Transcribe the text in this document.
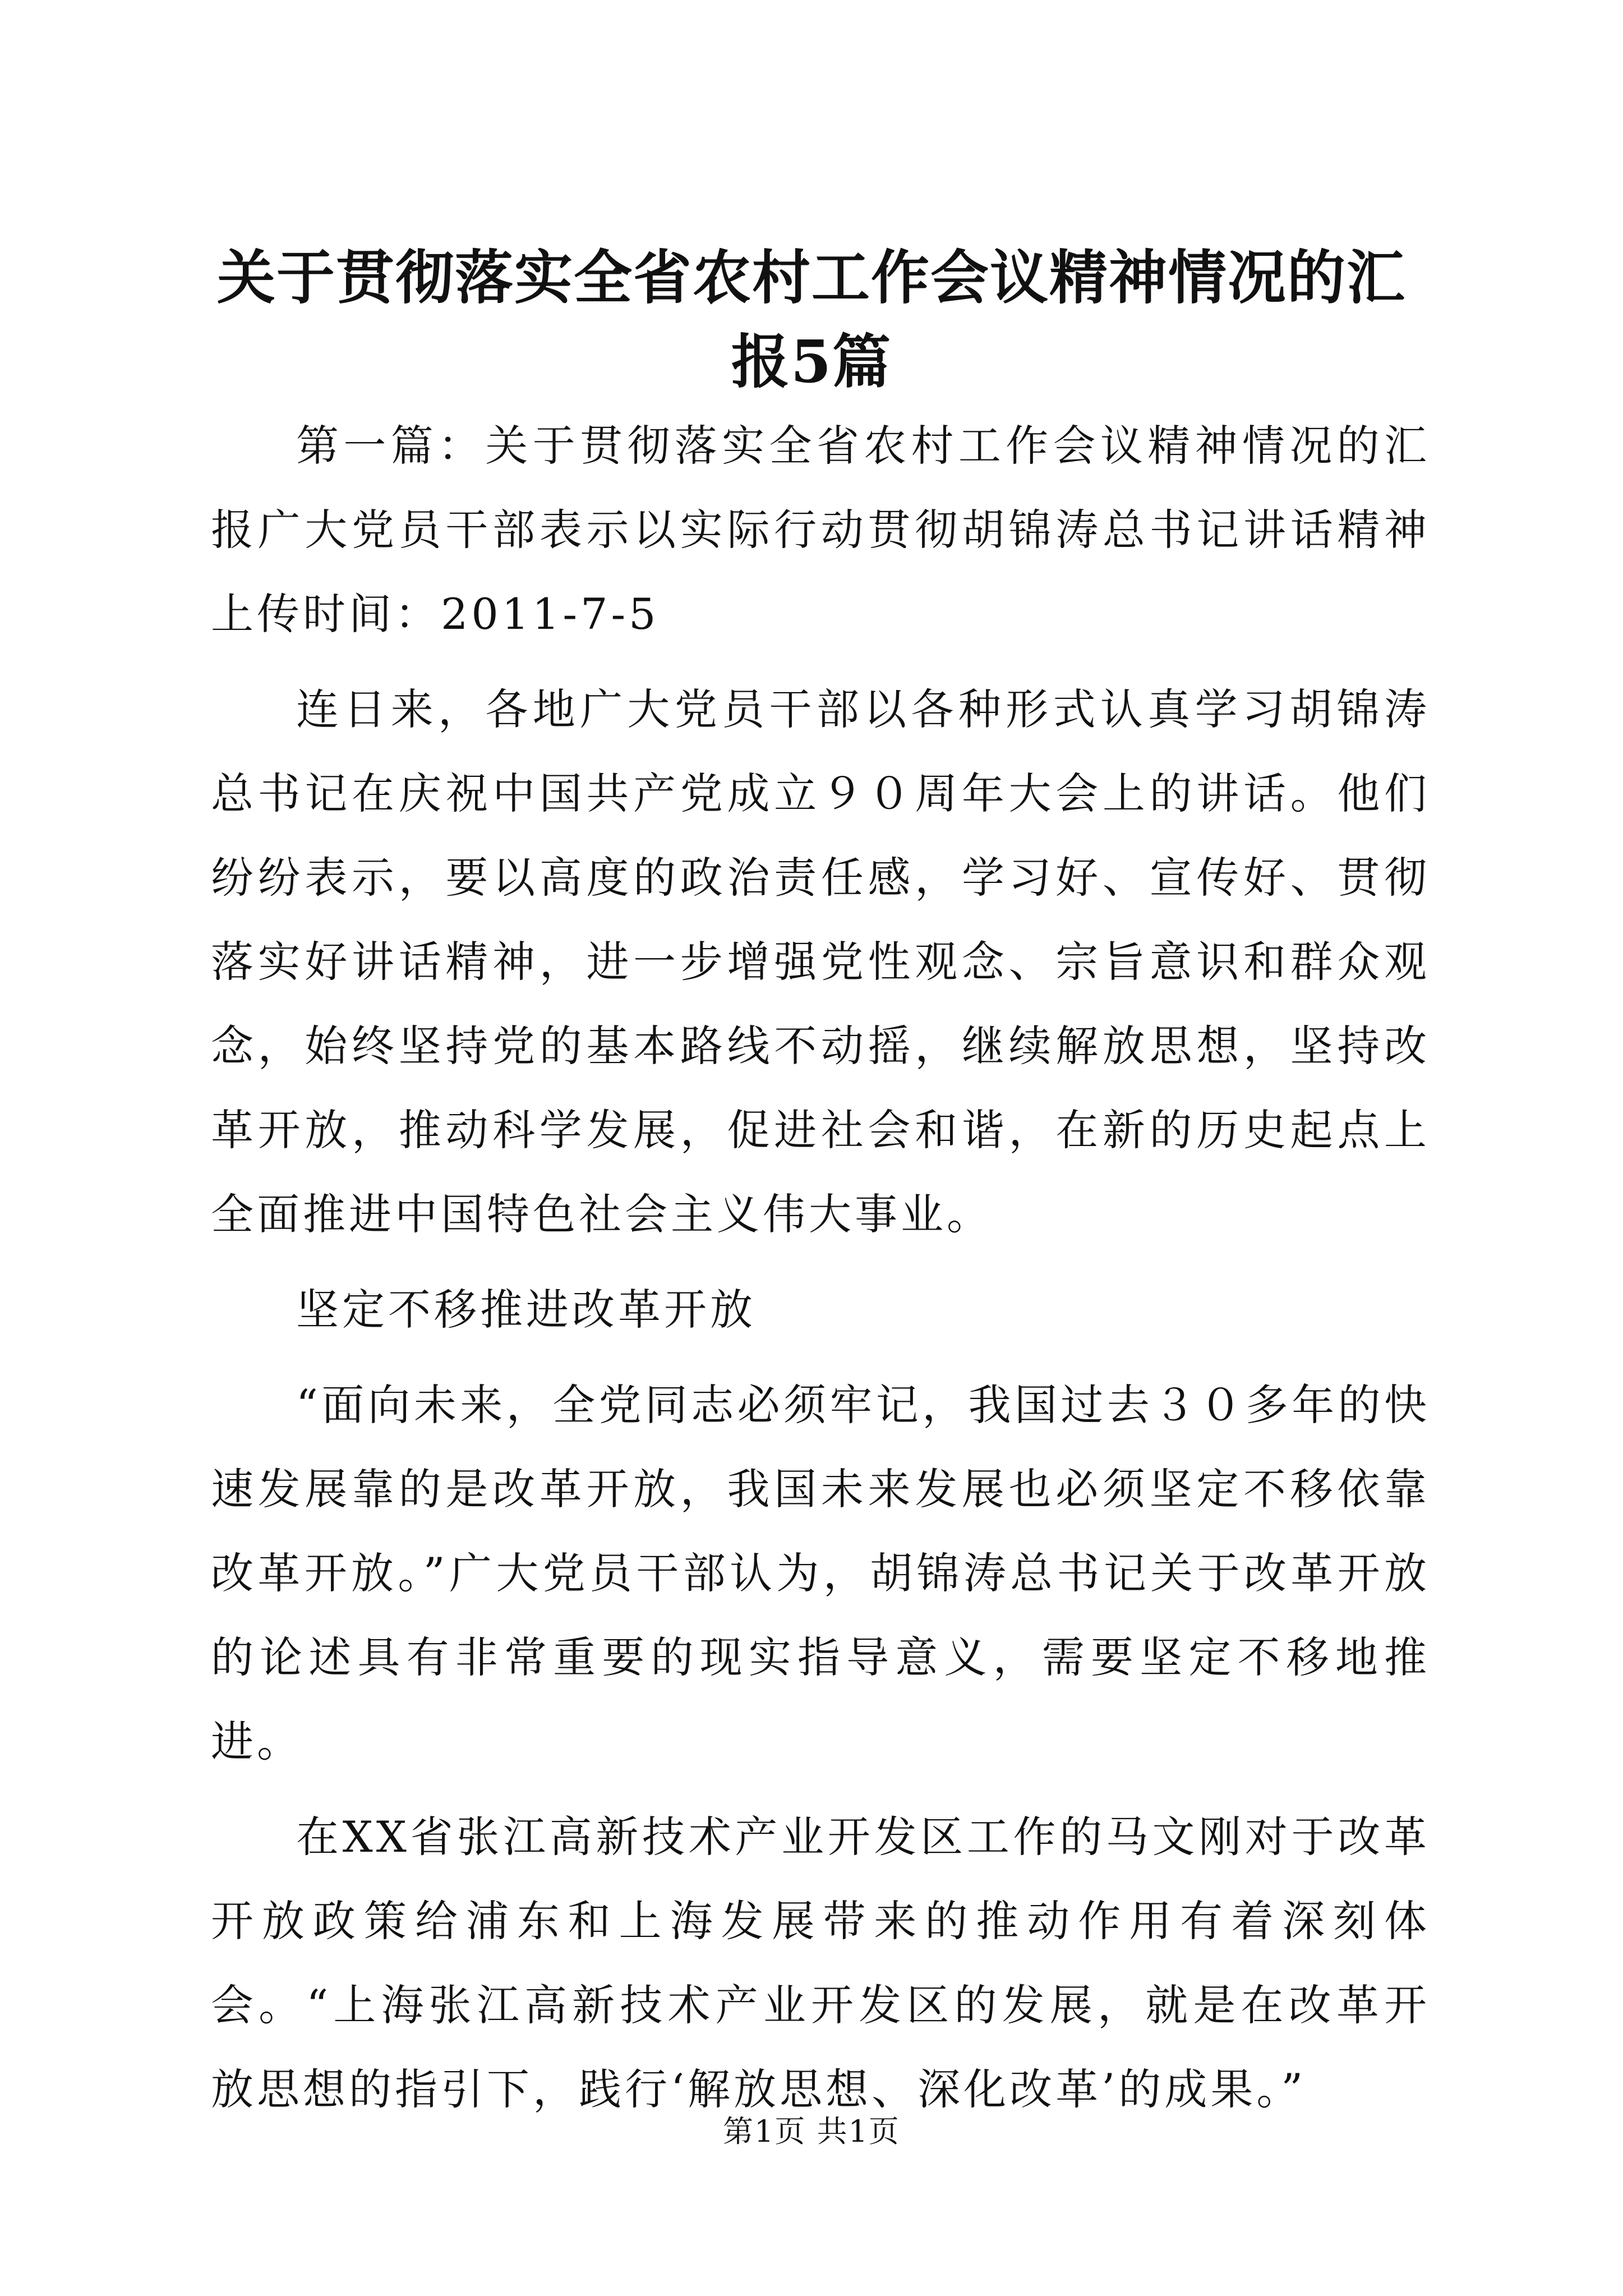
关于贯彻落实全省农村工作会议精神情况的汇报5篇

第一篇：关于贯彻落实全省农村工作会议精神情况的汇报广大党员干部表示以实际行动贯彻胡锦涛总书记讲话精神上传时间：2011-7-5

连日来，各地广大党员干部以各种形式认真学习胡锦涛总书记在庆祝中国共产党成立９０周年大会上的讲话。他们纷纷表示，要以高度的政治责任感，学习好、宣传好、贯彻落实好讲话精神，进一步增强党性观念、宗旨意识和群众观念，始终坚持党的基本路线不动摇，继续解放思想，坚持改革开放，推动科学发展，促进社会和谐，在新的历史起点上全面推进中国特色社会主义伟大事业。

坚定不移推进改革开放

“面向未来，全党同志必须牢记，我国过去３０多年的快速发展靠的是改革开放，我国未来发展也必须坚定不移依靠改革开放。”广大党员干部认为，胡锦涛总书记关于改革开放的论述具有非常重要的现实指导意义，需要坚定不移地推进。

在XX省张江高新技术产业开发区工作的马文刚对于改革开放政策给浦东和上海发展带来的推动作用有着深刻体会。“上海张江高新技术产业开发区的发展，就是在改革开放思想的指引下，践行‘解放思想、深化改革’的成果。”

第1页 共1页
